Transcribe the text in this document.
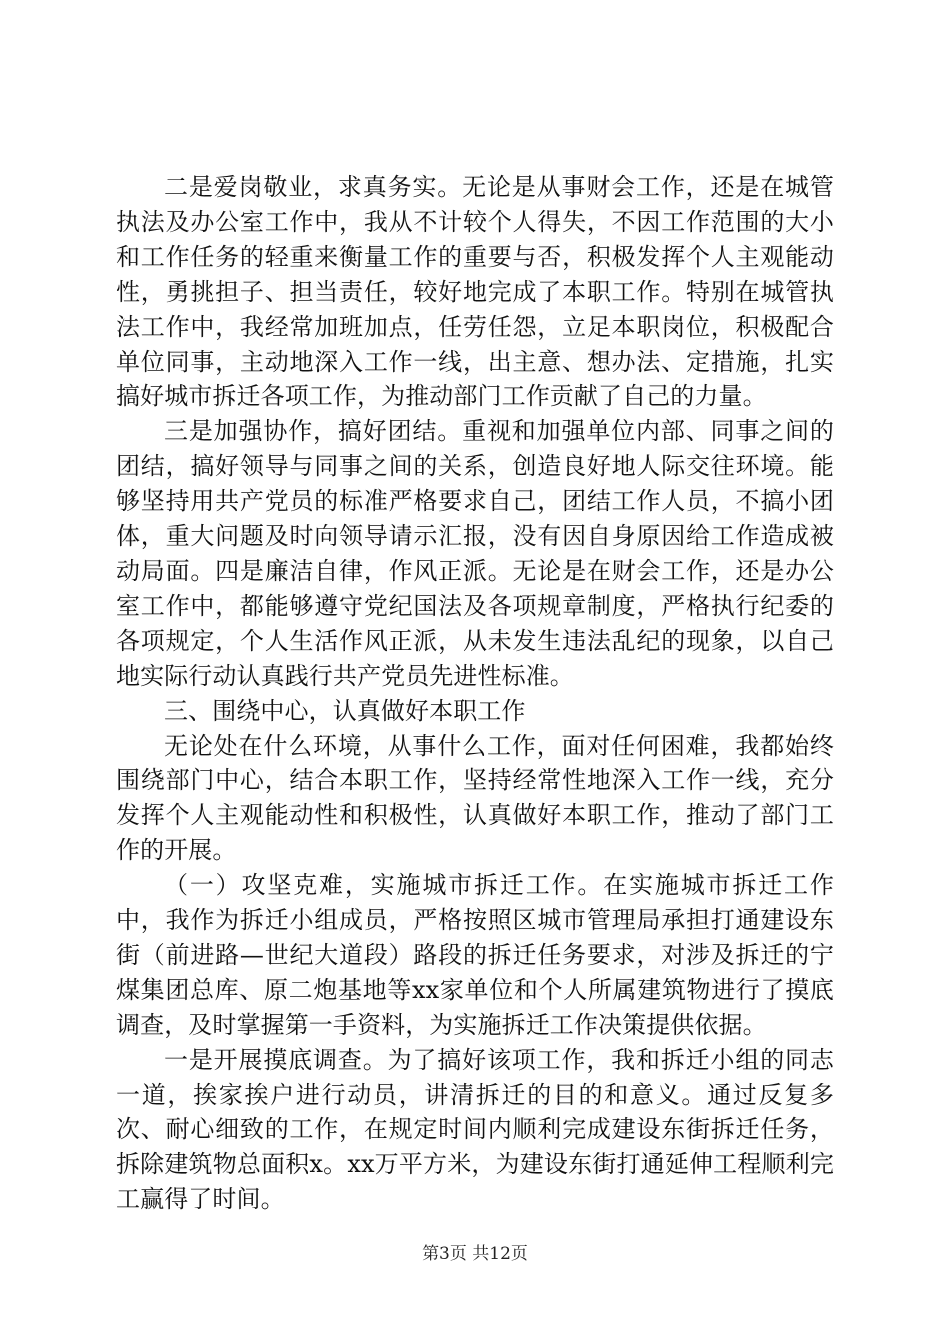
二是爱岗敬业，求真务实。无论是从事财会工作，还是在城管执法及办公室工作中，我从不计较个人得失，不因工作范围的大小和工作任务的轻重来衡量工作的重要与否，积极发挥个人主观能动性，勇挑担子、担当责任，较好地完成了本职工作。特别在城管执法工作中，我经常加班加点，任劳任怨，立足本职岗位，积极配合单位同事，主动地深入工作一线，出主意、想办法、定措施，扎实搞好城市拆迁各项工作，为推动部门工作贡献了自己的力量。

三是加强协作，搞好团结。重视和加强单位内部、同事之间的团结，搞好领导与同事之间的关系，创造良好地人际交往环境。能够坚持用共产党员的标准严格要求自己，团结工作人员，不搞小团体，重大问题及时向领导请示汇报，没有因自身原因给工作造成被动局面。四是廉洁自律，作风正派。无论是在财会工作，还是办公室工作中，都能够遵守党纪国法及各项规章制度，严格执行纪委的各项规定，个人生活作风正派，从未发生违法乱纪的现象，以自己地实际行动认真践行共产党员先进性标准。

三、围绕中心，认真做好本职工作

无论处在什么环境，从事什么工作，面对任何困难，我都始终围绕部门中心，结合本职工作，坚持经常性地深入工作一线，充分发挥个人主观能动性和积极性，认真做好本职工作，推动了部门工作的开展。

（一）攻坚克难，实施城市拆迁工作。在实施城市拆迁工作中，我作为拆迁小组成员，严格按照区城市管理局承担打通建设东街（前进路—世纪大道段）路段的拆迁任务要求，对涉及拆迁的宁煤集团总库、原二炮基地等xx家单位和个人所属建筑物进行了摸底调查，及时掌握第一手资料，为实施拆迁工作决策提供依据。

一是开展摸底调查。为了搞好该项工作，我和拆迁小组的同志一道，挨家挨户进行动员，讲清拆迁的目的和意义。通过反复多次、耐心细致的工作，在规定时间内顺利完成建设东街拆迁任务，拆除建筑物总面积x。xx万平方米，为建设东街打通延伸工程顺利完工赢得了时间。

第3页 共12页
